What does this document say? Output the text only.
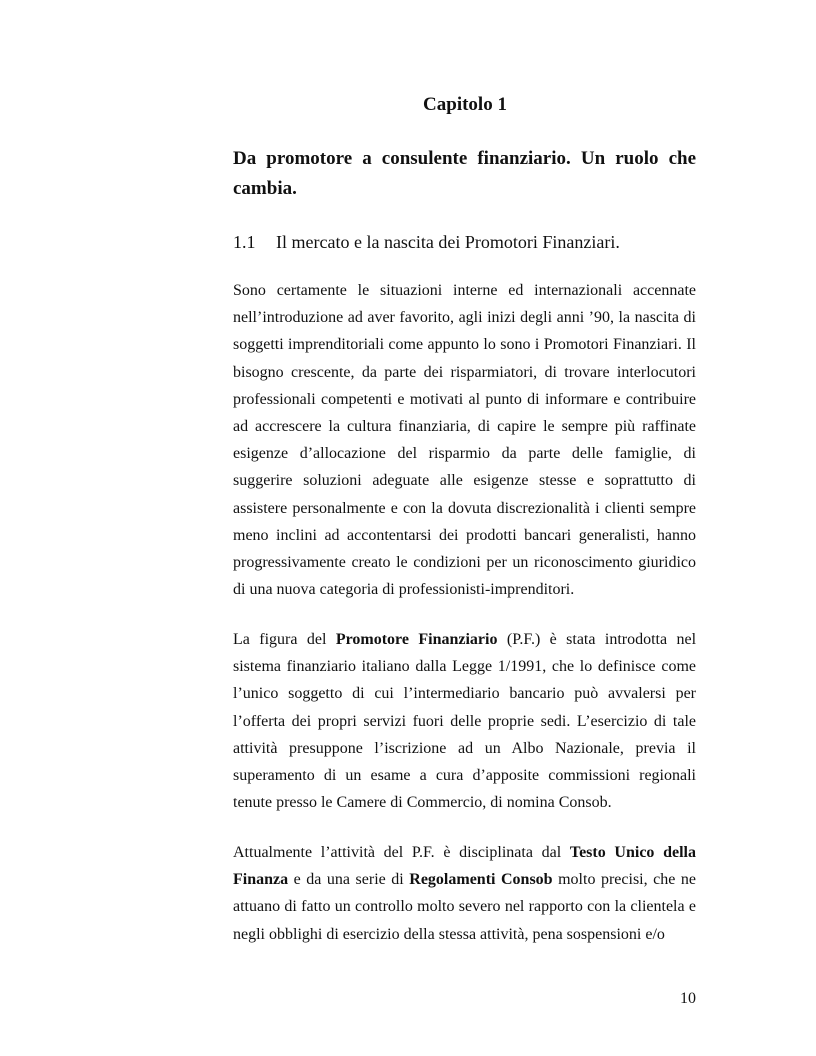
Capitolo 1
Da promotore a consulente finanziario. Un ruolo che cambia.
1.1 Il mercato e la nascita dei Promotori Finanziari.

Sono certamente le situazioni interne ed internazionali accennate nell’introduzione ad aver favorito, agli inizi degli anni ’90, la nascita di soggetti imprenditoriali come appunto lo sono i Promotori Finanziari. Il bisogno crescente, da parte dei risparmiatori, di trovare interlocutori professionali competenti e motivati al punto di informare e contribuire ad accrescere la cultura finanziaria, di capire le sempre più raffinate esigenze d’allocazione del risparmio da parte delle famiglie, di suggerire soluzioni adeguate alle esigenze stesse e soprattutto di assistere personalmente e con la dovuta discrezionalità i clienti sempre meno inclini ad accontentarsi dei prodotti bancari generalisti, hanno progressivamente creato le condizioni per un riconoscimento giuridico di una nuova categoria di professionisti-imprenditori.

La figura del Promotore Finanziario (P.F.) è stata introdotta nel sistema finanziario italiano dalla Legge 1/1991, che lo definisce come l’unico soggetto di cui l’intermediario bancario può avvalersi per l’offerta dei propri servizi fuori delle proprie sedi. L’esercizio di tale attività presuppone l’iscrizione ad un Albo Nazionale, previa il superamento di un esame a cura d’apposite commissioni regionali tenute presso le Camere di Commercio, di nomina Consob.

Attualmente l’attività del P.F. è disciplinata dal Testo Unico della Finanza e da una serie di Regolamenti Consob molto precisi, che ne attuano di fatto un controllo molto severo nel rapporto con la clientela e negli obblighi di esercizio della stessa attività, pena sospensioni e/o

10
